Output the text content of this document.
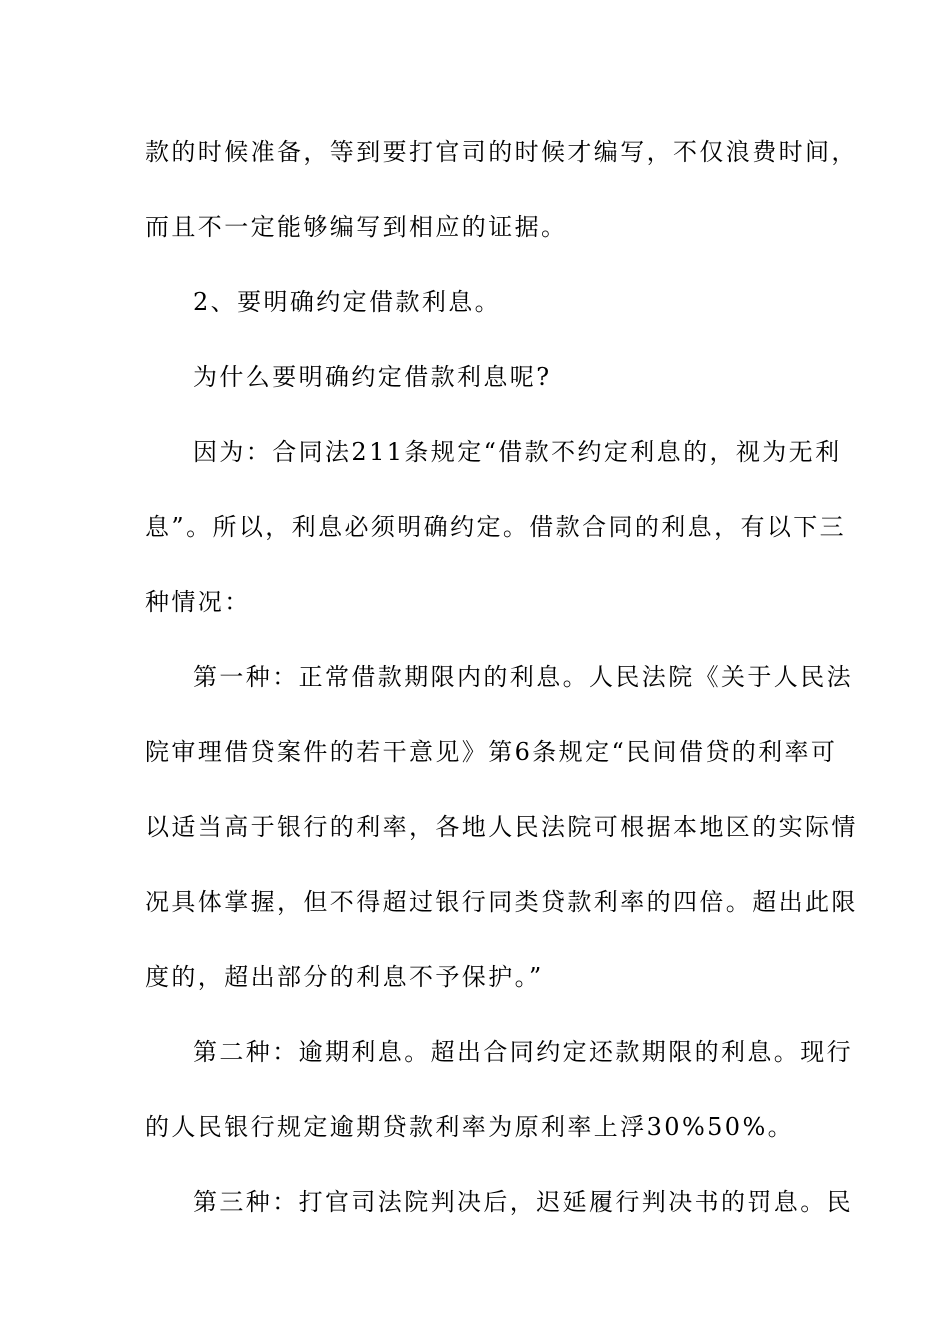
款的时候准备，等到要打官司的时候才编写，不仅浪费时间，
而且不一定能够编写到相应的证据。
2、要明确约定借款利息。
为什么要明确约定借款利息呢?
因为：合同法211条规定“借款不约定利息的，视为无利
息”。所以，利息必须明确约定。借款合同的利息，有以下三
种情况：
第一种：正常借款期限内的利息。人民法院《关于人民法
院审理借贷案件的若干意见》第6条规定“民间借贷的利率可
以适当高于银行的利率，各地人民法院可根据本地区的实际情
况具体掌握，但不得超过银行同类贷款利率的四倍。超出此限
度的，超出部分的利息不予保护。”
第二种：逾期利息。超出合同约定还款期限的利息。现行
的人民银行规定逾期贷款利率为原利率上浮30%50%。
第三种：打官司法院判决后，迟延履行判决书的罚息。民
